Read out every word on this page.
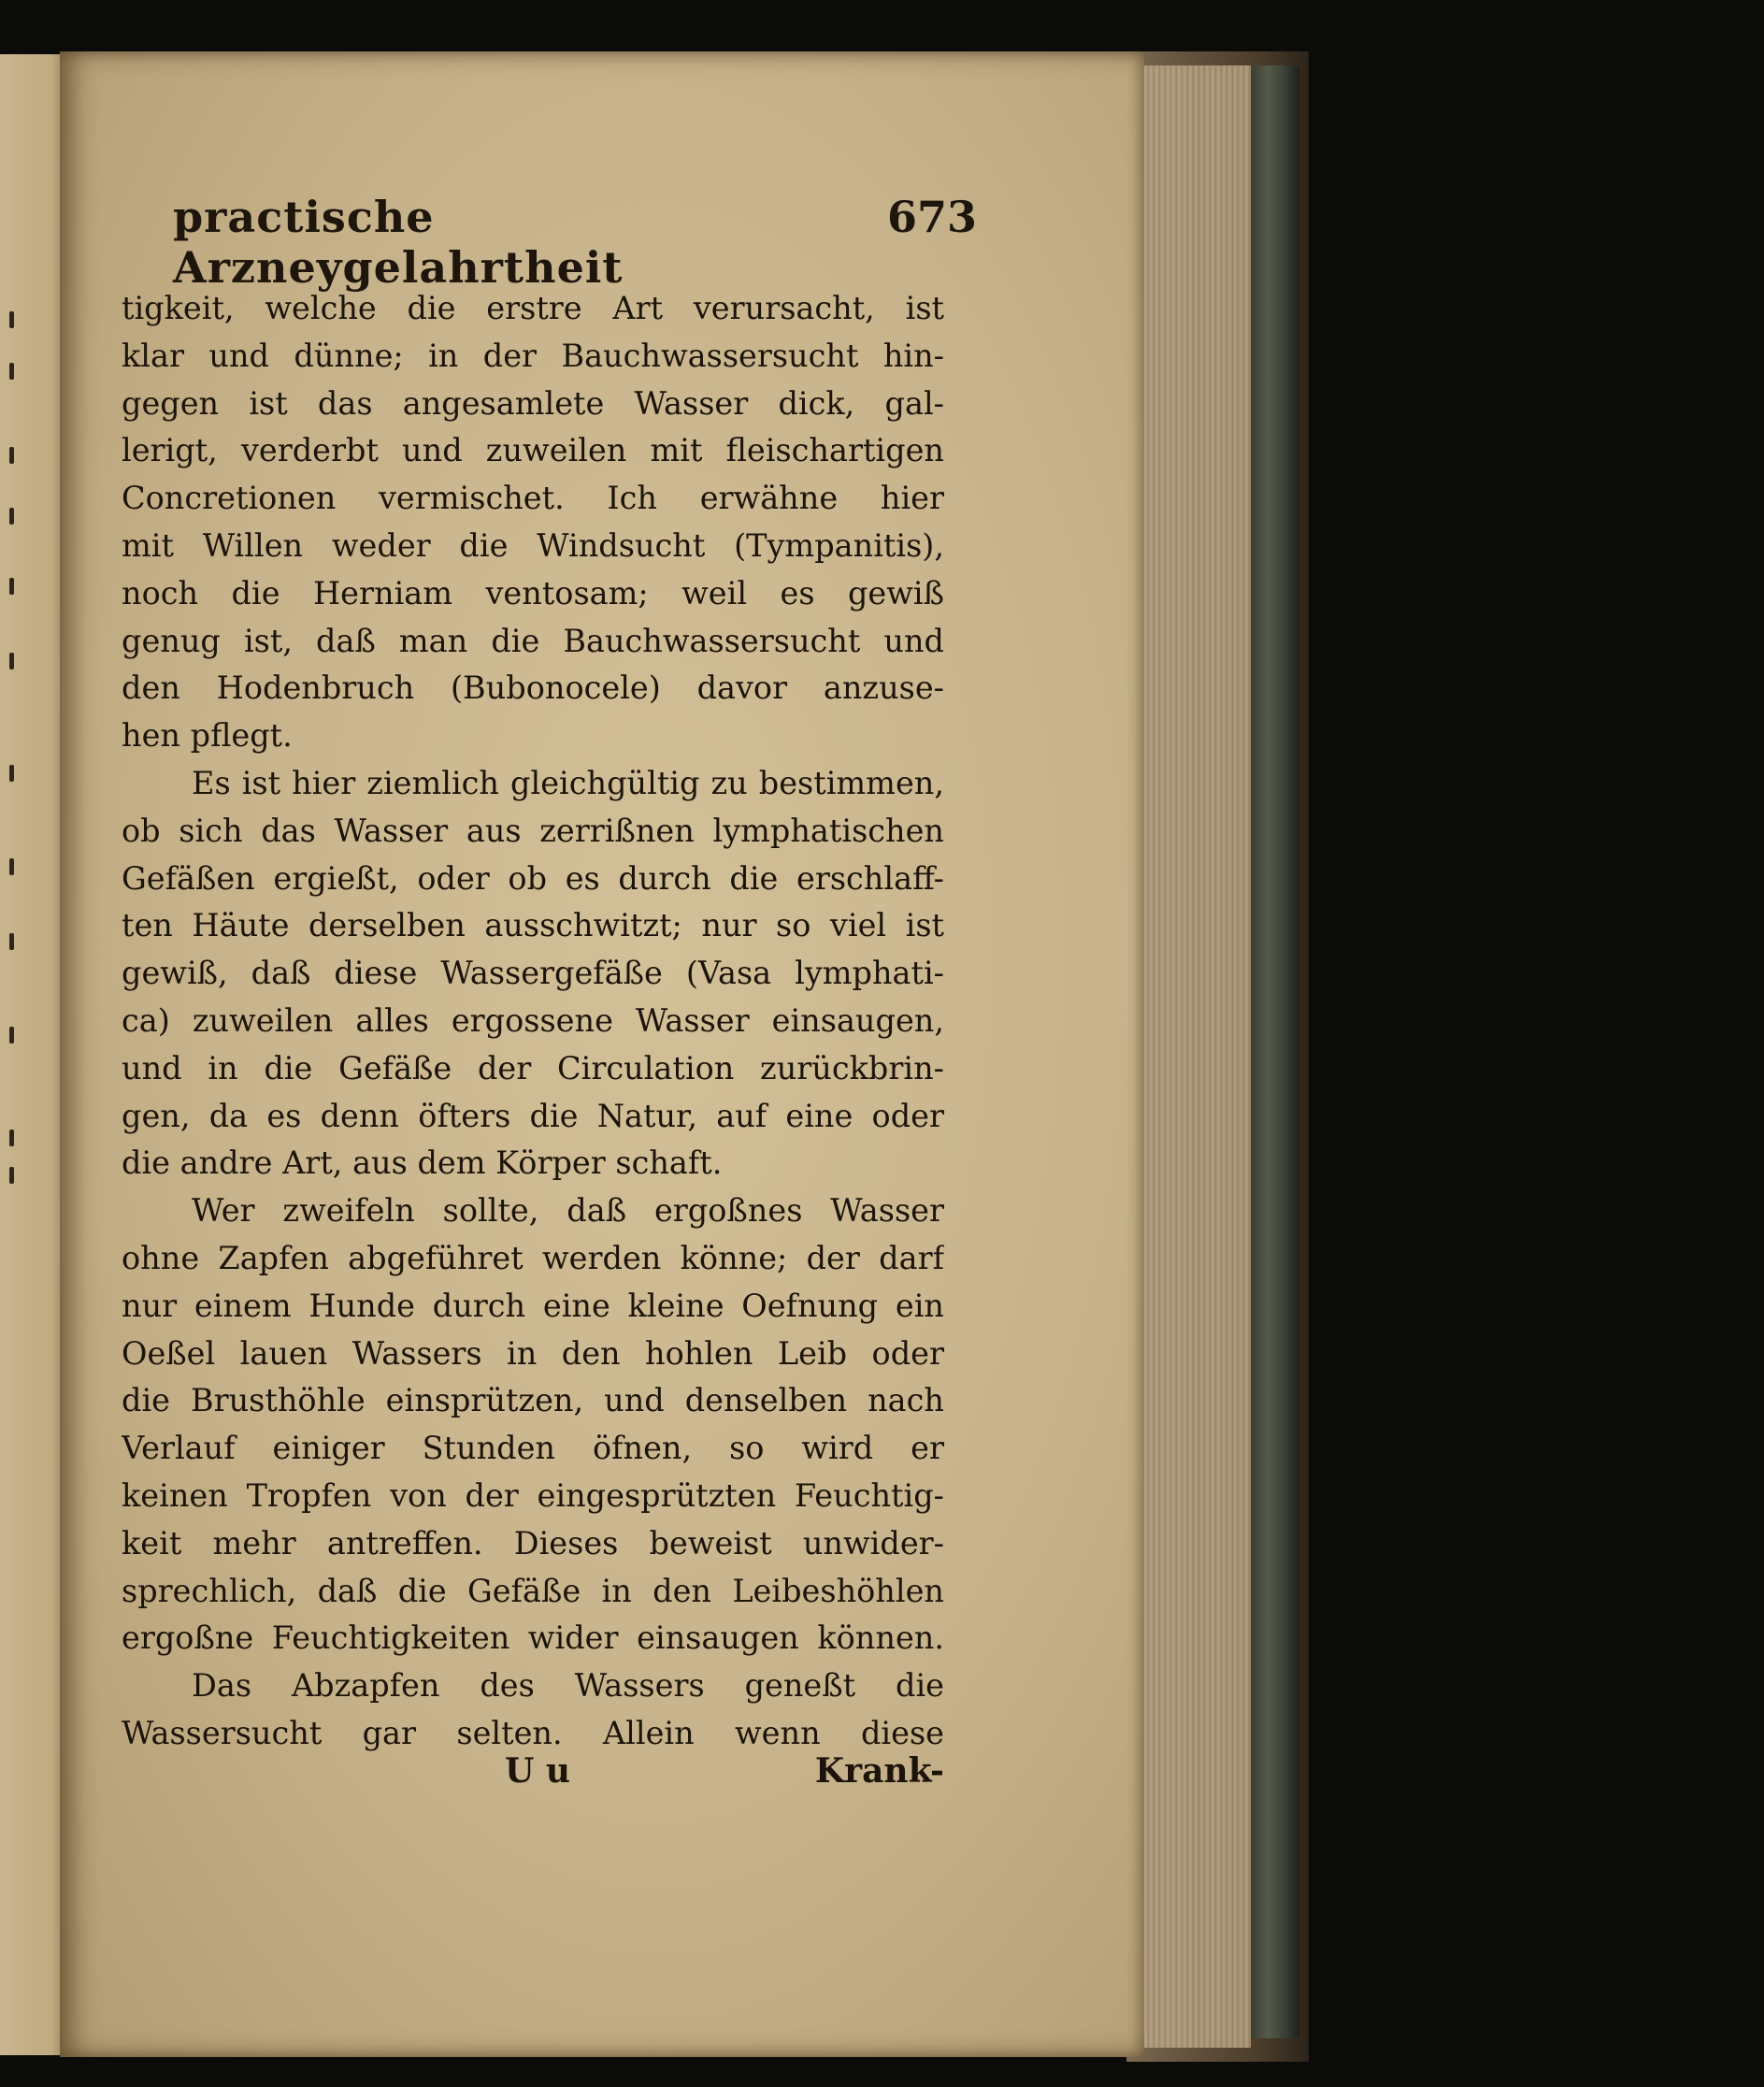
practische Arzneygelahrtheit
673
tigkeit, welche die erstre Art verursacht, ist
klar und dünne; in der Bauchwassersucht hin-
gegen ist das angesamlete Wasser dick, gal-
lerigt, verderbt und zuweilen mit fleischartigen
Concretionen vermischet. Ich erwähne hier
mit Willen weder die Windsucht (Tympanitis),
noch die Herniam ventosam; weil es gewiß
genug ist, daß man die Bauchwassersucht und
den Hodenbruch (Bubonocele) davor anzuse-
hen pflegt.
Es ist hier ziemlich gleichgültig zu bestimmen,
ob sich das Wasser aus zerrißnen lymphatischen
Gefäßen ergießt, oder ob es durch die erschlaff-
ten Häute derselben ausschwitzt; nur so viel ist
gewiß, daß diese Wassergefäße (Vasa lymphati-
ca) zuweilen alles ergossene Wasser einsaugen,
und in die Gefäße der Circulation zurückbrin-
gen, da es denn öfters die Natur, auf eine oder
die andre Art, aus dem Körper schaft.
Wer zweifeln sollte, daß ergoßnes Wasser
ohne Zapfen abgeführet werden könne; der darf
nur einem Hunde durch eine kleine Oefnung ein
Oeßel lauen Wassers in den hohlen Leib oder
die Brusthöhle einsprützen, und denselben nach
Verlauf einiger Stunden öfnen, so wird er
keinen Tropfen von der eingesprützten Feuchtig-
keit mehr antreffen. Dieses beweist unwider-
sprechlich, daß die Gefäße in den Leibeshöhlen
ergoßne Feuchtigkeiten wider einsaugen können.
Das Abzapfen des Wassers geneßt die
Wassersucht gar selten. Allein wenn diese
U u	Krank-
